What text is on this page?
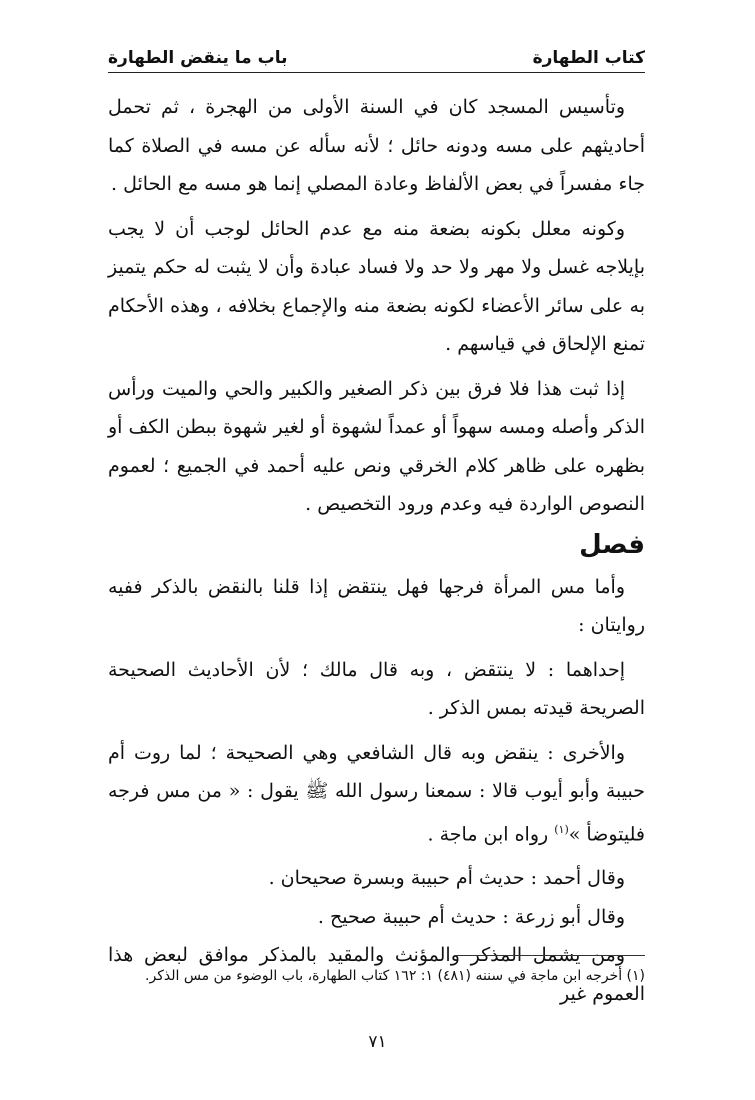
كتاب الطهارة
باب ما ينقض الطهارة

وتأسيس المسجد كان في السنة الأولى من الهجرة ، ثم تحمل أحاديثهم على مسه ودونه حائل ؛ لأنه سأله عن مسه في الصلاة كما جاء مفسراً في بعض الألفاظ وعادة المصلي إنما هو مسه مع الحائل .

وكونه معلل بكونه بضعة منه مع عدم الحائل لوجب أن لا يجب بإيلاجه غسل ولا مهر ولا حد ولا فساد عبادة وأن لا يثبت له حكم يتميز به على سائر الأعضاء لكونه بضعة منه والإجماع بخلافه ، وهذه الأحكام تمنع الإلحاق في قياسهم .

إذا ثبت هذا فلا فرق بين ذكر الصغير والكبير والحي والميت ورأس الذكر وأصله ومسه سهواً أو عمداً لشهوة أو لغير شهوة ببطن الكف أو بظهره على ظاهر كلام الخرقي ونص عليه أحمد في الجميع ؛ لعموم النصوص الواردة فيه وعدم ورود التخصيص .

فصل

وأما مس المرأة فرجها فهل ينتقض إذا قلنا بالنقض بالذكر ففيه روايتان :

إحداهما : لا ينتقض ، وبه قال مالك ؛ لأن الأحاديث الصحيحة الصريحة قيدته بمس الذكر .

والأخرى : ينقض وبه قال الشافعي وهي الصحيحة ؛ لما روت أم حبيبة وأبو أيوب قالا : سمعنا رسول الله ﷺ يقول : « من مس فرجه فليتوضأ »$^{(١)}$ رواه ابن ماجة .

وقال أحمد : حديث أم حبيبة وبسرة صحيحان .

وقال أبو زرعة : حديث أم حبيبة صحيح .

ومن يشمل المذكر والمؤنث والمقيد بالمذكر موافق لبعض هذا العموم غير

(١) أخرجه ابن ماجة في سننه (٤٨١) ١: ١٦٢ كتاب الطهارة، باب الوضوء من مس الذكر.
٧١
